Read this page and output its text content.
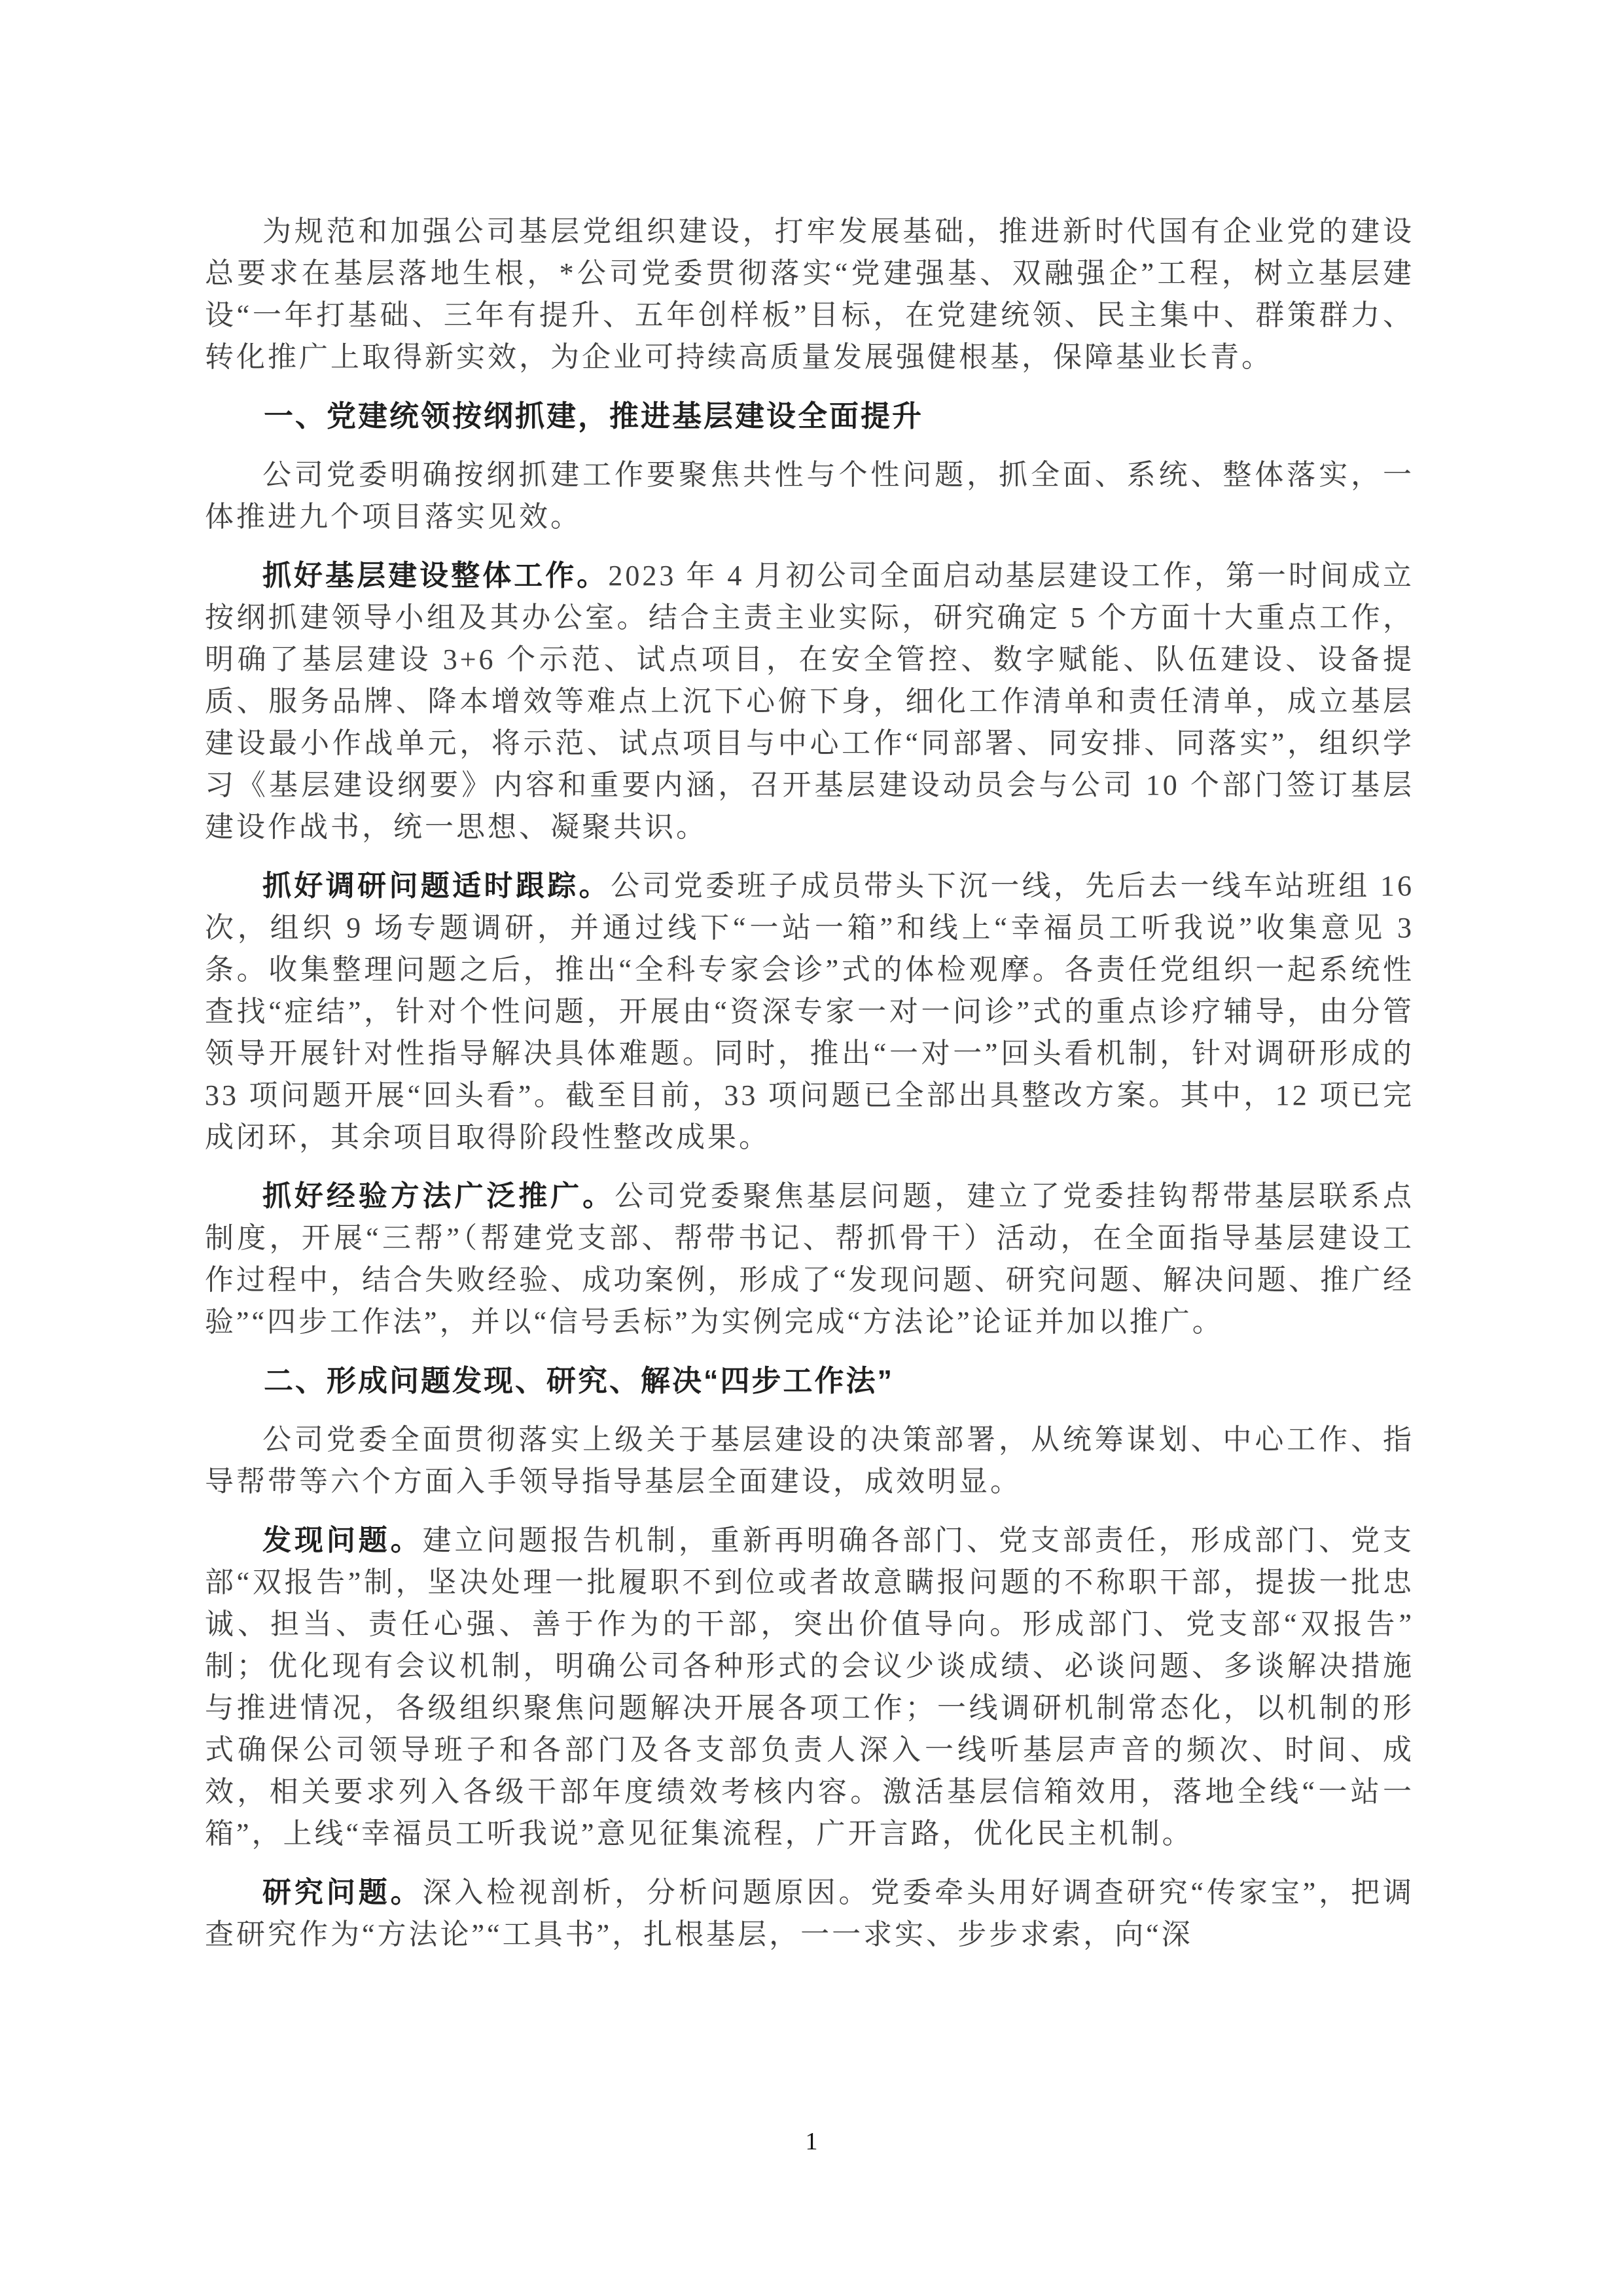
为规范和加强公司基层党组织建设，打牢发展基础，推进新时代国有企业党的建设总要求在基层落地生根，*公司党委贯彻落实“党建强基、双融强企”工程，树立基层建设“一年打基础、三年有提升、五年创样板”目标，在党建统领、民主集中、群策群力、转化推广上取得新实效，为企业可持续高质量发展强健根基，保障基业长青。

一、党建统领按纲抓建，推进基层建设全面提升

公司党委明确按纲抓建工作要聚焦共性与个性问题，抓全面、系统、整体落实，一体推进九个项目落实见效。

抓好基层建设整体工作。2023 年 4 月初公司全面启动基层建设工作，第一时间成立按纲抓建领导小组及其办公室。结合主责主业实际，研究确定 5 个方面十大重点工作，明确了基层建设 3+6 个示范、试点项目，在安全管控、数字赋能、队伍建设、设备提质、服务品牌、降本增效等难点上沉下心俯下身，细化工作清单和责任清单，成立基层建设最小作战单元，将示范、试点项目与中心工作“同部署、同安排、同落实”，组织学习《基层建设纲要》内容和重要内涵，召开基层建设动员会与公司 10 个部门签订基层建设作战书，统一思想、凝聚共识。

抓好调研问题适时跟踪。公司党委班子成员带头下沉一线，先后去一线车站班组 16 次，组织 9 场专题调研，并通过线下“一站一箱”和线上“幸福员工听我说”收集意见 3 条。收集整理问题之后，推出“全科专家会诊”式的体检观摩。各责任党组织一起系统性查找“症结”，针对个性问题，开展由“资深专家一对一问诊”式的重点诊疗辅导，由分管领导开展针对性指导解决具体难题。同时，推出“一对一”回头看机制，针对调研形成的 33 项问题开展“回头看”。截至目前，33 项问题已全部出具整改方案。其中，12 项已完成闭环，其余项目取得阶段性整改成果。

抓好经验方法广泛推广。公司党委聚焦基层问题，建立了党委挂钩帮带基层联系点制度，开展“三帮”（帮建党支部、帮带书记、帮抓骨干）活动，在全面指导基层建设工作过程中，结合失败经验、成功案例，形成了“发现问题、研究问题、解决问题、推广经验”“四步工作法”，并以“信号丢标”为实例完成“方法论”论证并加以推广。

二、形成问题发现、研究、解决“四步工作法”

公司党委全面贯彻落实上级关于基层建设的决策部署，从统筹谋划、中心工作、指导帮带等六个方面入手领导指导基层全面建设，成效明显。

发现问题。建立问题报告机制，重新再明确各部门、党支部责任，形成部门、党支部“双报告”制，坚决处理一批履职不到位或者故意瞒报问题的不称职干部，提拔一批忠诚、担当、责任心强、善于作为的干部，突出价值导向。形成部门、党支部“双报告”制；优化现有会议机制，明确公司各种形式的会议少谈成绩、必谈问题、多谈解决措施与推进情况，各级组织聚焦问题解决开展各项工作；一线调研机制常态化，以机制的形式确保公司领导班子和各部门及各支部负责人深入一线听基层声音的频次、时间、成效，相关要求列入各级干部年度绩效考核内容。激活基层信箱效用，落地全线“一站一箱”，上线“幸福员工听我说”意见征集流程，广开言路，优化民主机制。

研究问题。深入检视剖析，分析问题原因。党委牵头用好调查研究“传家宝”，把调查研究作为“方法论”“工具书”，扎根基层，一一求实、步步求索，向“深

1
